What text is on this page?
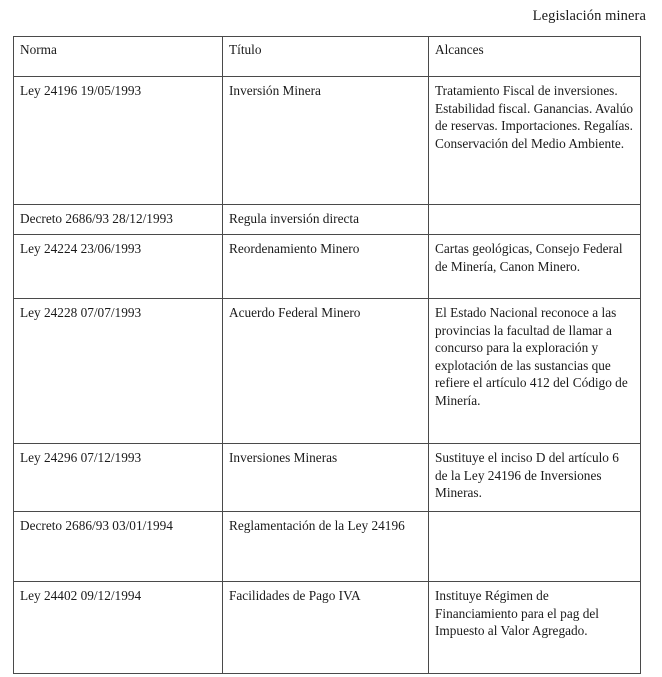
Legislación minera
Norma	Título	Alcances

Ley 24196 19/05/1993	Inversión Minera	Tratamiento Fiscal de inversiones. Estabilidad fiscal. Ganancias. Avalúo de reservas. Importaciones. Regalías. Conservación del Medio Ambiente.
Decreto 2686/93 28/12/1993	Regula inversión directa	
Ley 24224 23/06/1993	Reordenamiento Minero	Cartas geológicas, Consejo Federal de Minería, Canon Minero.
Ley 24228 07/07/1993	Acuerdo Federal Minero	El Estado Nacional reconoce a las provincias la facultad de llamar a concurso para la exploración y explotación de las sustancias que refiere el artículo 412 del Código de Minería.
Ley 24296 07/12/1993	Inversiones Mineras	Sustituye el inciso D del artículo 6 de la Ley 24196 de Inversiones Mineras.
Decreto 2686/93 03/01/1994	Reglamentación de la Ley 24196	
Ley 24402 09/12/1994	Facilidades de Pago IVA	Instituye Régimen de Financiamiento para el pag del Impuesto al Valor Agregado.
